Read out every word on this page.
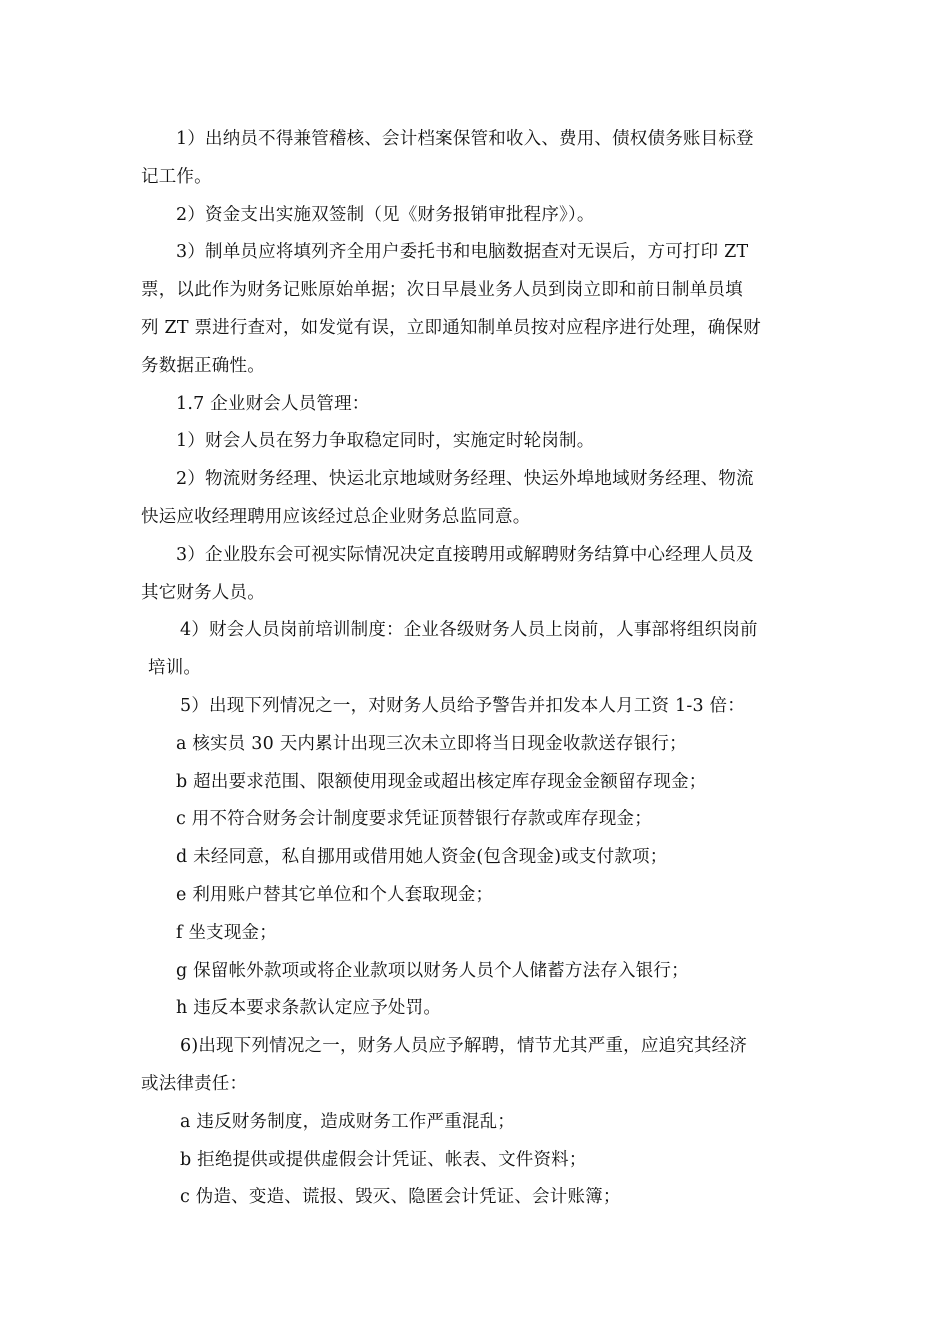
1）出纳员不得兼管稽核、会计档案保管和收入、费用、债权债务账目标登
记工作。
2）资金支出实施双签制（见《财务报销审批程序》）。
3）制单员应将填列齐全用户委托书和电脑数据查对无误后，方可打印 ZT
票，以此作为财务记账原始单据；次日早晨业务人员到岗立即和前日制单员填
列 ZT 票进行查对，如发觉有误，立即通知制单员按对应程序进行处理，确保财
务数据正确性。
1.7 企业财会人员管理：
1）财会人员在努力争取稳定同时，实施定时轮岗制。
2）物流财务经理、快运北京地域财务经理、快运外埠地域财务经理、物流
快运应收经理聘用应该经过总企业财务总监同意。
3）企业股东会可视实际情况决定直接聘用或解聘财务结算中心经理人员及
其它财务人员。
4）财会人员岗前培训制度：企业各级财务人员上岗前，人事部将组织岗前
培训。
5）出现下列情况之一，对财务人员给予警告并扣发本人月工资 1-3 倍：
a 核实员 30 天内累计出现三次未立即将当日现金收款送存银行；
b 超出要求范围、限额使用现金或超出核定库存现金金额留存现金；
c 用不符合财务会计制度要求凭证顶替银行存款或库存现金；
d 未经同意，私自挪用或借用她人资金(包含现金)或支付款项；
e 利用账户替其它单位和个人套取现金；
f 坐支现金；
g 保留帐外款项或将企业款项以财务人员个人储蓄方法存入银行；
h 违反本要求条款认定应予处罚。
6)出现下列情况之一，财务人员应予解聘，情节尤其严重，应追究其经济
或法律责任：
a 违反财务制度，造成财务工作严重混乱；
b 拒绝提供或提供虚假会计凭证、帐表、文件资料；
c 伪造、变造、谎报、毁灭、隐匿会计凭证、会计账簿；
